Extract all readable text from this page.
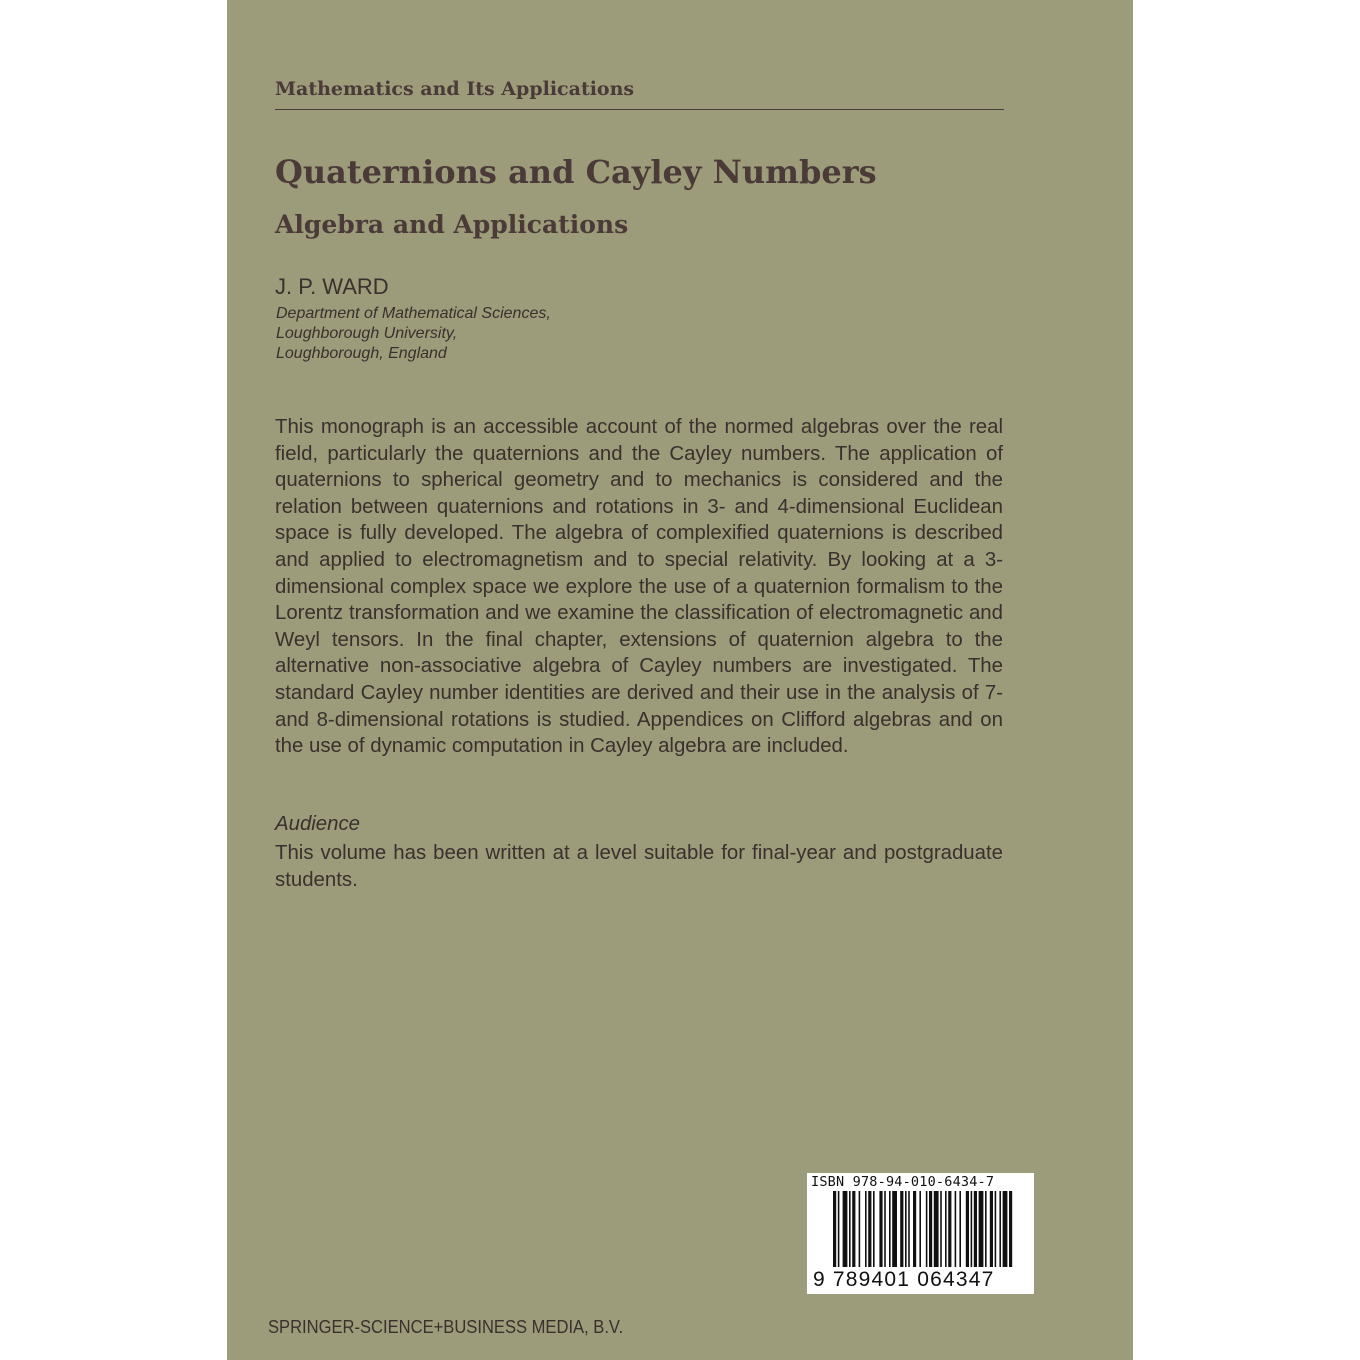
Mathematics and Its Applications
Quaternions and Cayley Numbers
Algebra and Applications
J. P. WARD
Department of Mathematical Sciences,
Loughborough University,
Loughborough, England

This monograph is an accessible account of the normed algebras over the real field, particularly the quaternions and the Cayley numbers. The application of quaternions to spherical geometry and to mechanics is considered and the relation between quaternions and rotations in 3- and 4-dimensional Euclidean space is fully developed. The algebra of complexified quaternions is described and applied to electromagnetism and to special relativity. By looking at a 3-dimensional complex space we explore the use of a quaternion formalism to the Lorentz transformation and we examine the classification of electromagnetic and Weyl tensors. In the final chapter, extensions of quaternion algebra to the alternative non-associative algebra of Cayley numbers are investigated. The standard Cayley number identities are derived and their use in the analysis of 7- and 8-dimensional rotations is studied. Appendices on Clifford algebras and on the use of dynamic computation in Cayley algebra are included.

Audience

This volume has been written at a level suitable for final-year and postgraduate students.

ISBN 978-94-010-6434-7
9 789401 064347
SPRINGER-SCIENCE+BUSINESS MEDIA, B.V.
